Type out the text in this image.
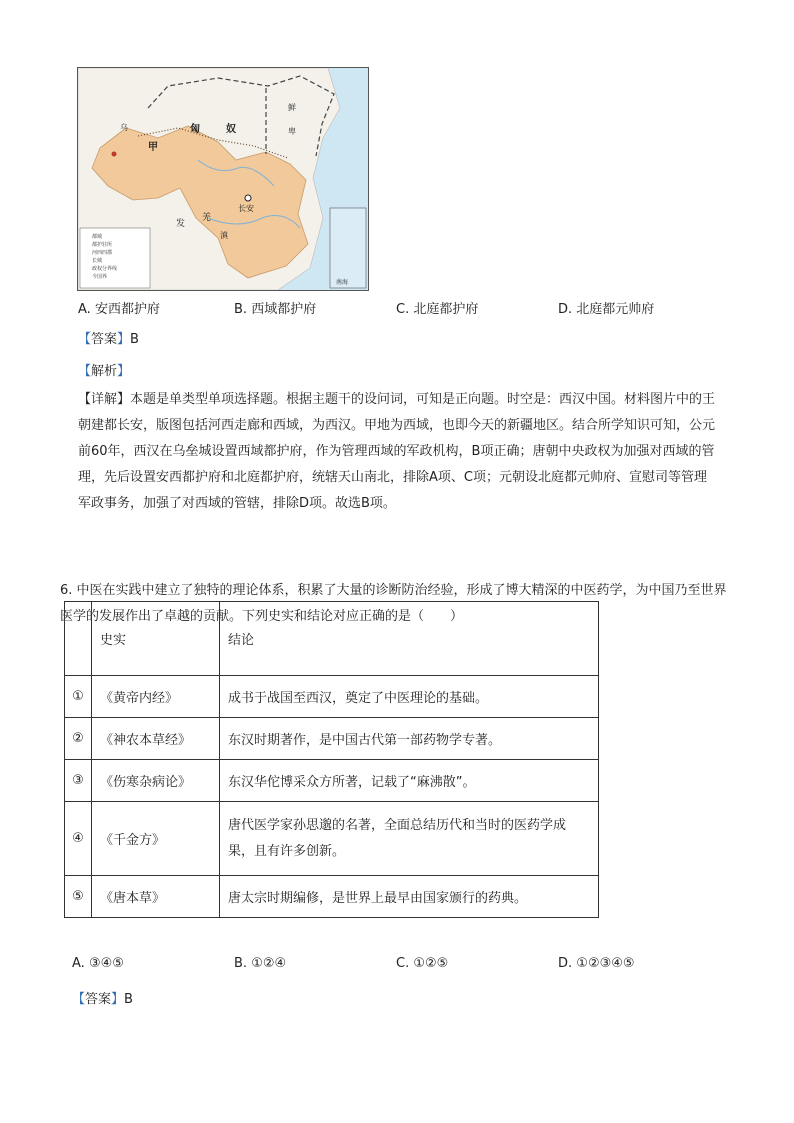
乌	匈	奴
鲜
卑
甲
长安
发
羌
滇
南海
都城
都护驻所
河西四郡
长城
政权分界线
今国界
A. 安西都护府	B. 西域都护府	C. 北庭都护府	D. 北庭都元帅府
【答案】B
【解析】
【详解】本题是单类型单项选择题。根据主题干的设问词，可知是正向题。时空是：西汉中国。材料图片中的王朝建都长安，版图包括河西走廊和西域，为西汉。甲地为西域，也即今天的新疆地区。结合所学知识可知，公元前60年，西汉在乌垒城设置西域都护府，作为管理西域的军政机构，B项正确；唐朝中央政权为加强对西域的管理，先后设置安西都护府和北庭都护府，统辖天山南北，排除A项、C项；元朝设北庭都元帅府、宣慰司等管理军政事务，加强了对西域的管辖，排除D项。故选B项。
6. 中医在实践中建立了独特的理论体系，积累了大量的诊断防治经验，形成了博大精深的中医药学，为中国乃至世界医学的发展作出了卓越的贡献。下列史实和结论对应正确的是（　　）
	史实	结论
①	《黄帝内经》	成书于战国至西汉，奠定了中医理论的基础。
②	《神农本草经》	东汉时期著作，是中国古代第一部药物学专著。
③	《伤寒杂病论》	东汉华佗博采众方所著，记载了“麻沸散”。
④	《千金方》	唐代医学家孙思邈的名著，全面总结历代和当时的医药学成果，且有许多创新。
⑤	《唐本草》	唐太宗时期编修，是世界上最早由国家颁行的药典。
A. ③④⑤	B. ①②④	C. ①②⑤	D. ①②③④⑤
【答案】B
